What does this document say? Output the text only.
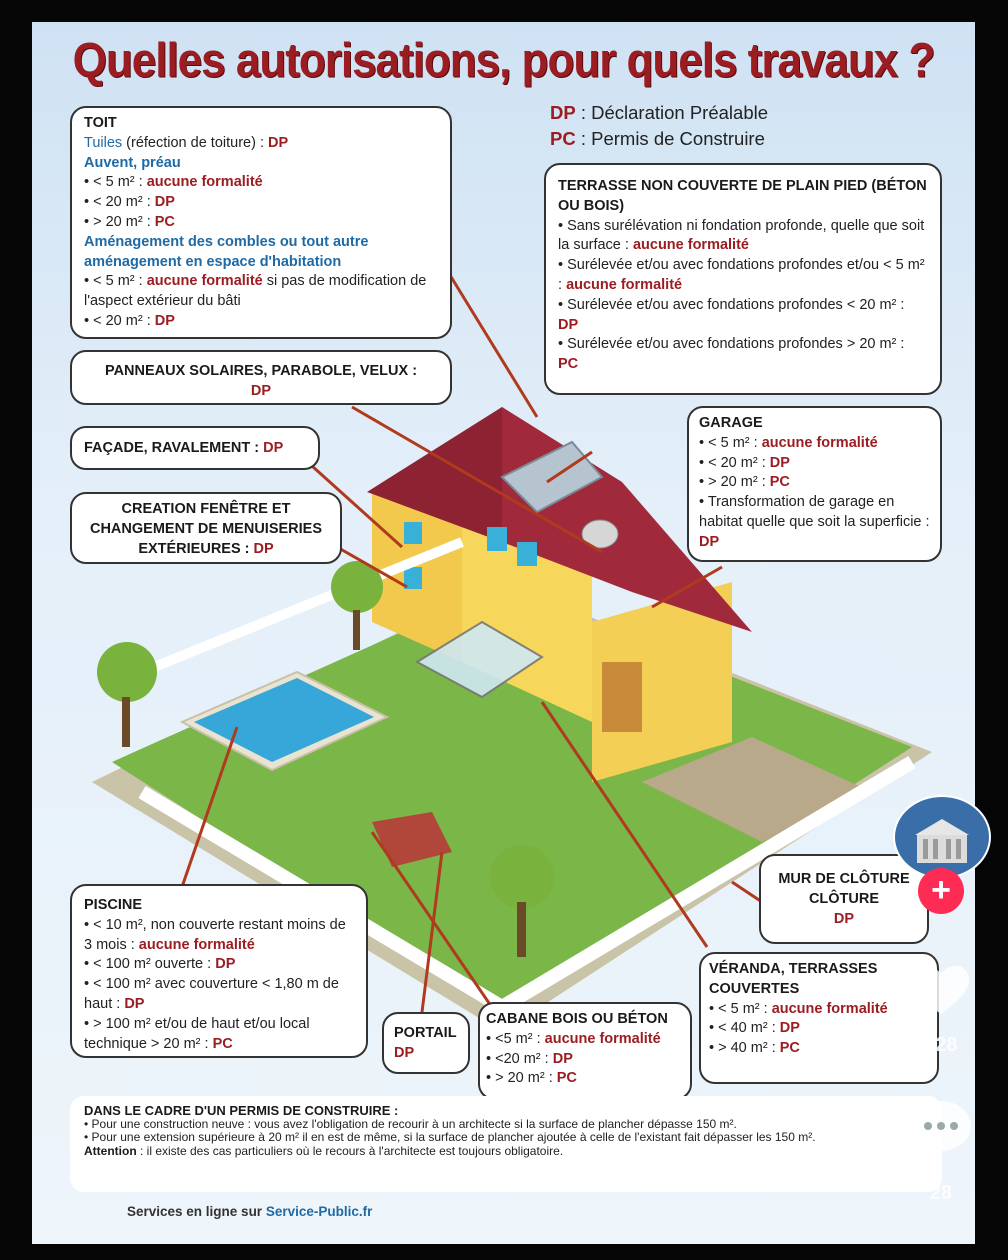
Quelles autorisations, pour quels travaux ?
DP : Déclaration Préalable
PC : Permis de Construire
TOIT
Tuiles (réfection de toiture) : DP
Auvent, préau
• < 5 m² : aucune formalité
• < 20 m² : DP
• > 20 m² : PC
Aménagement des combles ou tout autre aménagement en espace d'habitation
• < 5 m² : aucune formalité si pas de modification de l'aspect extérieur du bâti
• < 20 m² : DP
PANNEAUX SOLAIRES, PARABOLE, VELUX :
DP
FAÇADE, RAVALEMENT : DP
CREATION FENÊTRE ET CHANGEMENT DE MENUISERIES EXTÉRIEURES : DP
TERRASSE NON COUVERTE DE PLAIN PIED (BÉTON OU BOIS)
• Sans surélévation ni fondation profonde, quelle que soit la surface : aucune formalité
• Surélevée et/ou avec fondations profondes et/ou < 5 m² : aucune formalité
• Surélevée et/ou avec fondations profondes < 20 m² : DP
• Surélevée et/ou avec fondations profondes > 20 m² : PC
GARAGE
• < 5 m² : aucune formalité
• < 20 m² : DP
• > 20 m² : PC
• Transformation de garage en habitat quelle que soit la superficie : DP
MUR DE CLÔTURE
CLÔTURE
DP
PISCINE
• < 10 m², non couverte restant moins de 3 mois : aucune formalité
• < 100 m² ouverte : DP
• < 100 m² avec couverture < 1,80 m de haut : DP
• > 100 m² et/ou de haut et/ou local technique > 20 m² : PC
PORTAIL
DP
CABANE BOIS OU BÉTON
• <5 m² : aucune formalité
• <20 m² : DP
• > 20 m² : PC
VÉRANDA, TERRASSES COUVERTES
• < 5 m² : aucune formalité
• < 40 m² : DP
• > 40 m² : PC
DANS LE CADRE D'UN PERMIS DE CONSTRUIRE :
• Pour une construction neuve : vous avez l'obligation de recourir à un architecte si la surface de plancher dépasse 150 m².
• Pour une extension supérieure à 20 m² il en est de même, si la surface de plancher ajoutée à celle de l'existant fait dépasser les 150 m².
Attention : il existe des cas particuliers où le recours à l'architecte est toujours obligatoire.
Services en ligne sur Service-Public.fr
+
728
28
